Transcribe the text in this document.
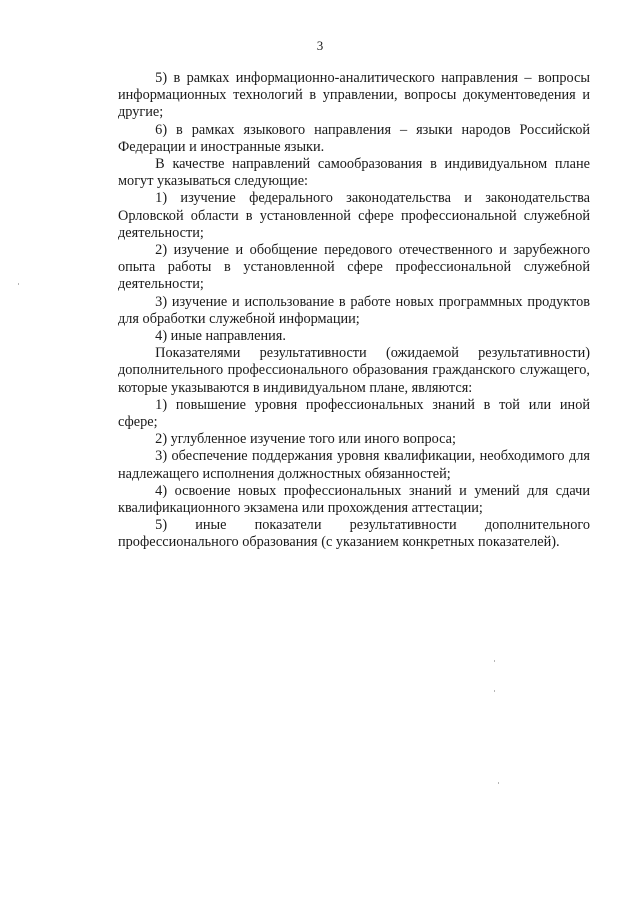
3

5) в рамках информационно-аналитического направления – вопросы информационных технологий в управлении, вопросы документоведения и другие;

6) в рамках языкового направления – языки народов Российской Федерации и иностранные языки.

В качестве направлений самообразования в индивидуальном плане могут указываться следующие:

1) изучение федерального законодательства и законодательства Орловской области в установленной сфере профессиональной служебной деятельности;

2) изучение и обобщение передового отечественного и зарубежного опыта работы в установленной сфере профессиональной служебной деятельности;

3) изучение и использование в работе новых программных продуктов для обработки служебной информации;

4) иные направления.

Показателями результативности (ожидаемой результативности) дополнительного профессионального образования гражданского служащего, которые указываются в индивидуальном плане, являются:

1) повышение уровня профессиональных знаний в той или иной сфере;

2) углубленное изучение того или иного вопроса;

3) обеспечение поддержания уровня квалификации, необходимого для надлежащего исполнения должностных обязанностей;

4) освоение новых профессиональных знаний и умений для сдачи квалификационного экзамена или прохождения аттестации;

5) иные показатели результативности дополнительного профессионального образования (с указанием конкретных показателей).
